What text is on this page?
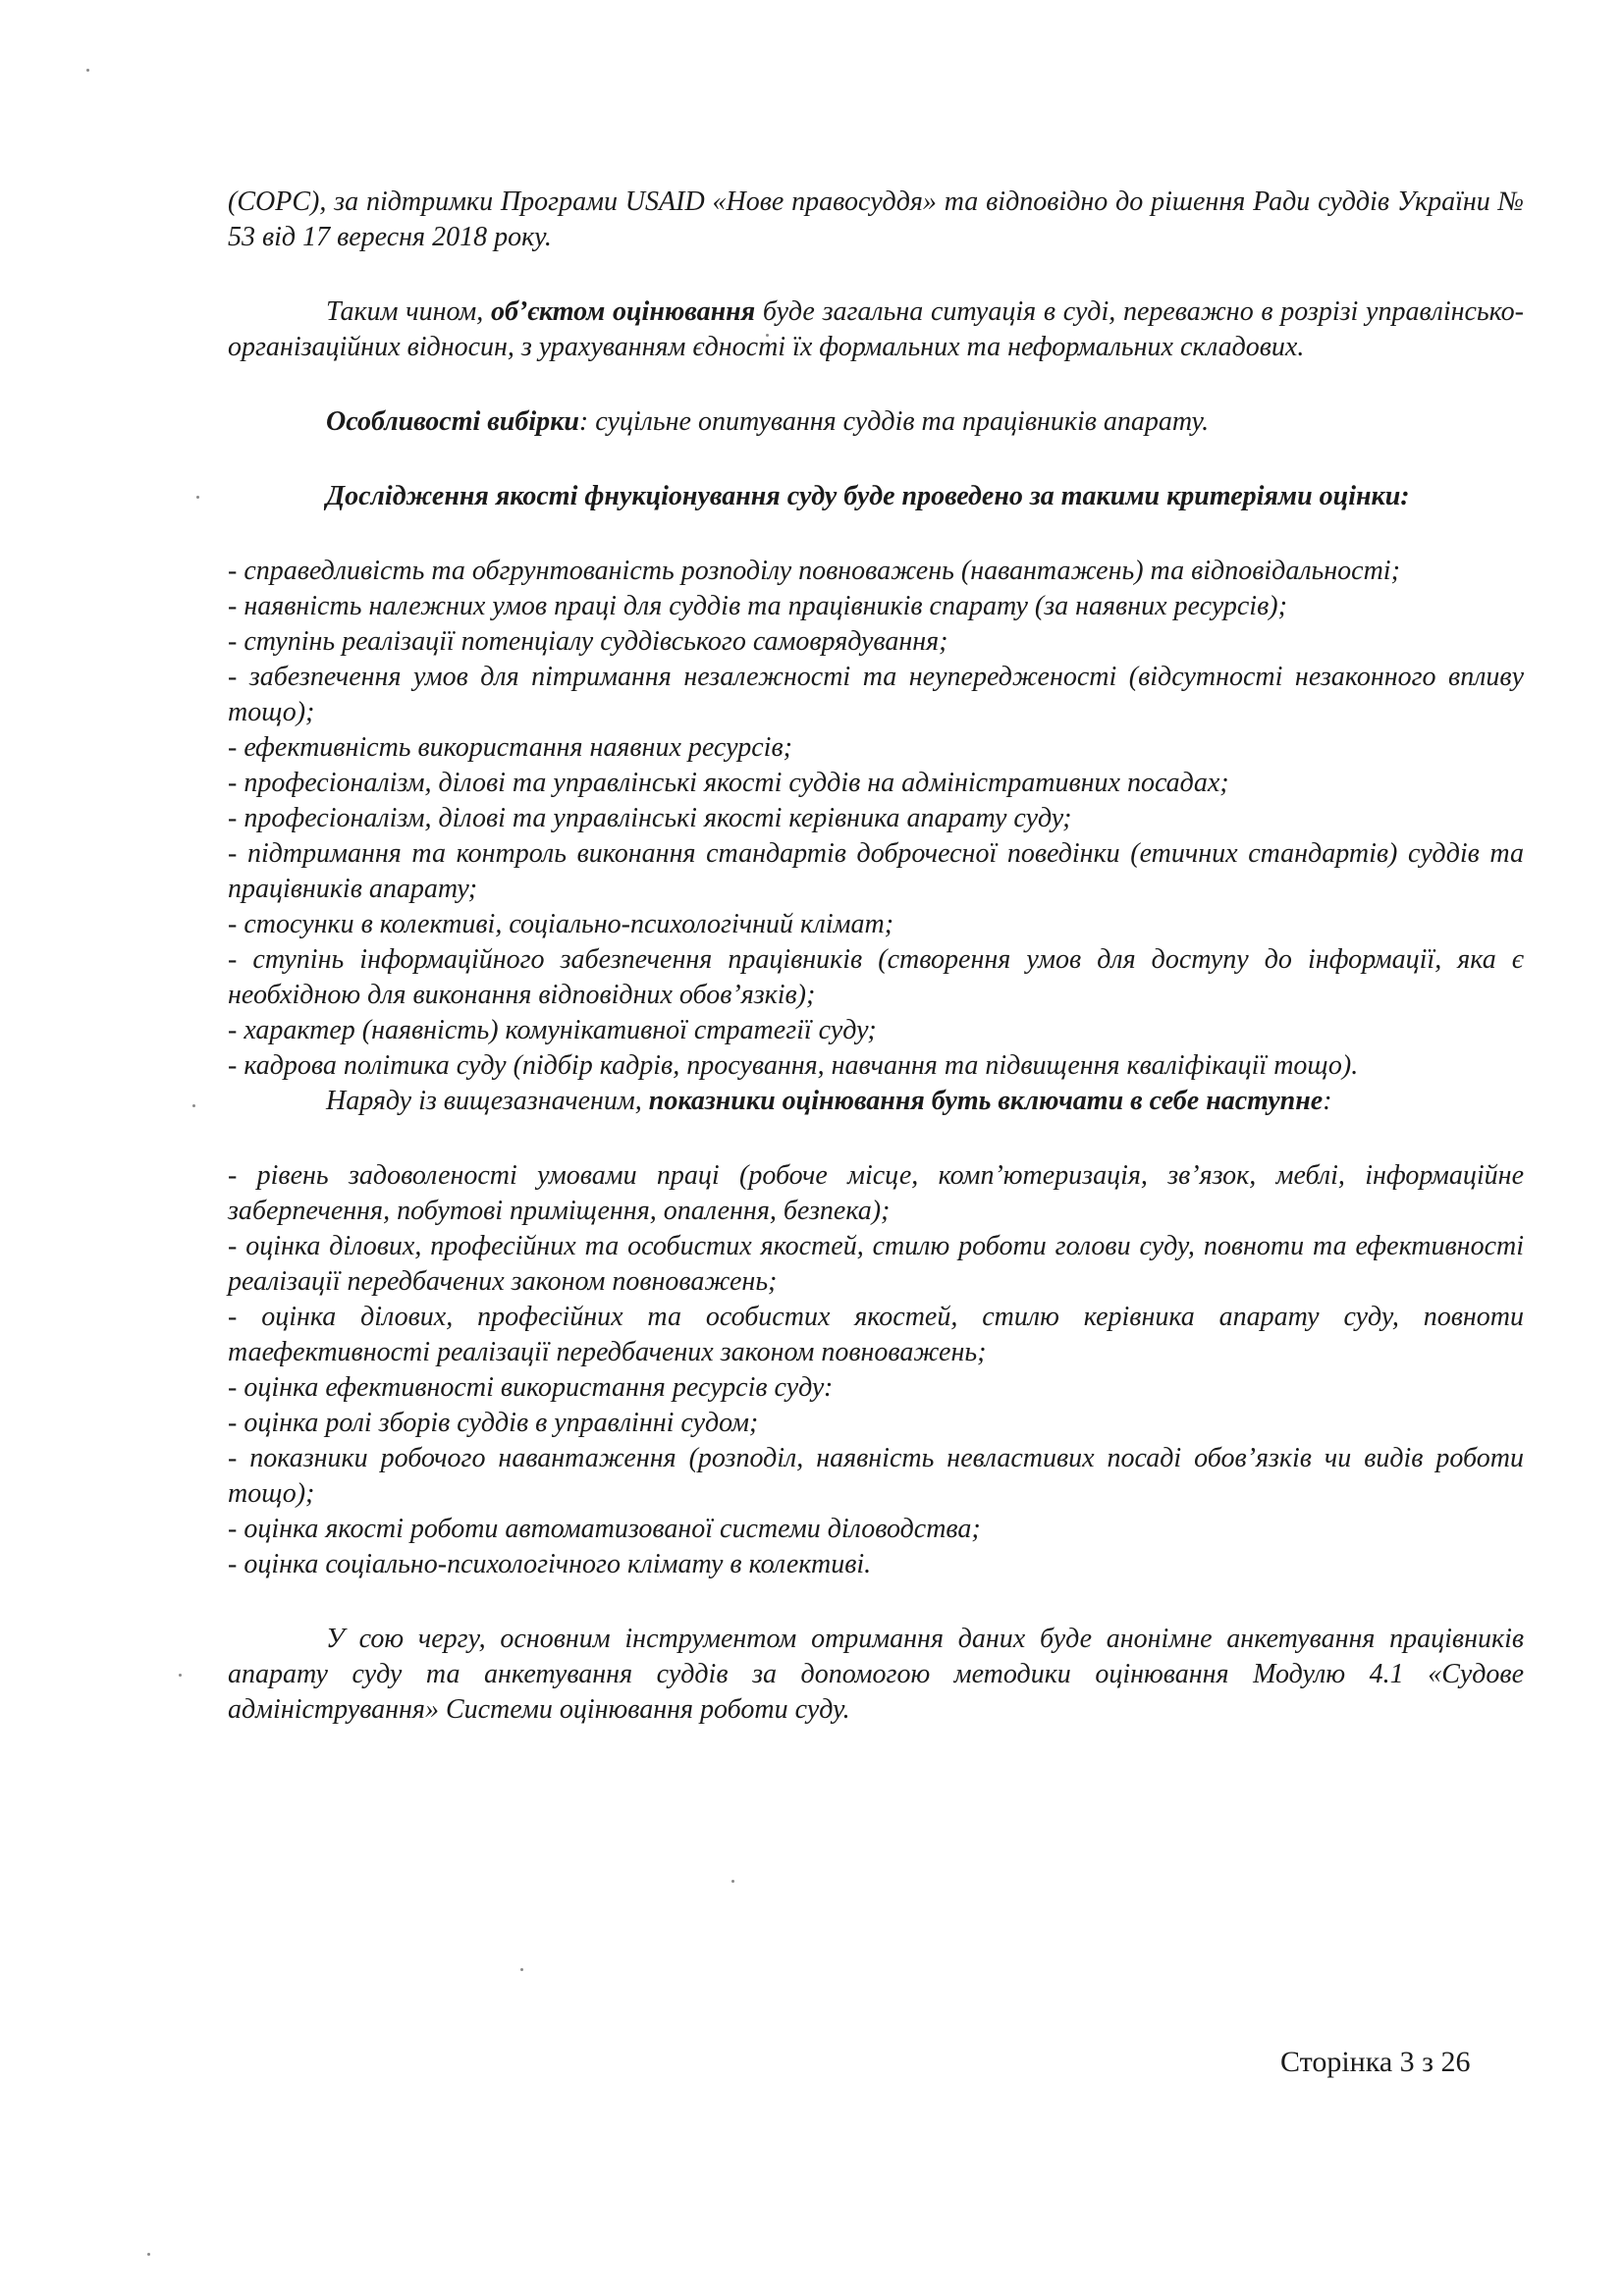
(СОРС), за підтримки Програми USAID «Нове правосуддя» та відповідно до рішення Ради суддів України № 53 від 17 вересня 2018 року.

Таким чином, об’єктом оцінювання буде загальна ситуація в суді, переважно в розрізі управлінсько-організаційних відносин, з урахуванням єдності їх формальних та неформальних складових.

Особливості вибірки: суцільне опитування суддів та працівників апарату.

Дослідження якості фнукціонування суду буде проведено за такими критеріями оцінки:

- справедливість та обгрунтованість розподілу повноважень (навантажень) та відповідальності;

- наявність належних умов праці для суддів та працівників спарату (за наявних ресурсів);

- ступінь реалізації потенціалу суддівського самоврядування;

- забезпечення умов для пітримання незалежності та неупередженості (відсутності незаконного впливу тощо);

- ефективність використання наявних ресурсів;

- професіоналізм, ділові та управлінські якості суддів на адміністративних посадах;

- професіоналізм, ділові та управлінські якості керівника апарату суду;

- підтримання та контроль виконання стандартів доброчесної поведінки (етичних стандартів) суддів та працівників апарату;

- стосунки в колективі, соціально-психологічний клімат;

- ступінь інформаційного забезпечення працівників (створення умов для доступу до інформації, яка є необхідною для виконання відповідних обов’язків);

- характер (наявність) комунікативної стратегії суду;

- кадрова політика суду (підбір кадрів, просування, навчання та підвищення кваліфікації тощо).

Наряду із вищезазначеним, показники оцінювання буть включати в себе наступне:

- рівень задоволеності умовами праці (робоче місце, комп’ютеризація, зв’язок, меблі, інформаційне заберпечення, побутові приміщення, опалення, безпека);

- оцінка ділових, професійних та особистих якостей, стилю роботи голови суду, повноти та ефективності реалізації передбачених законом повноважень;

- оцінка ділових, професійних та особистих якостей, стилю керівника апарату суду, повноти таефективності реалізації передбачених законом повноважень;

- оцінка ефективності використання ресурсів суду:

- оцінка ролі зборів суддів в управлінні судом;

- показники робочого навантаження (розподіл, наявність невластивих посаді обов’язків чи видів роботи тощо);

- оцінка якості роботи автоматизованої системи діловодства;

- оцінка соціально-психологічного клімату в колективі.

У сою чергу, основним інструментом отримання даних буде анонімне анкетування працівників апарату суду та анкетування суддів за допомогою методики оцінювання Модулю 4.1 «Судове адміністрування» Системи оцінювання роботи суду.

Сторінка 3 з 26
